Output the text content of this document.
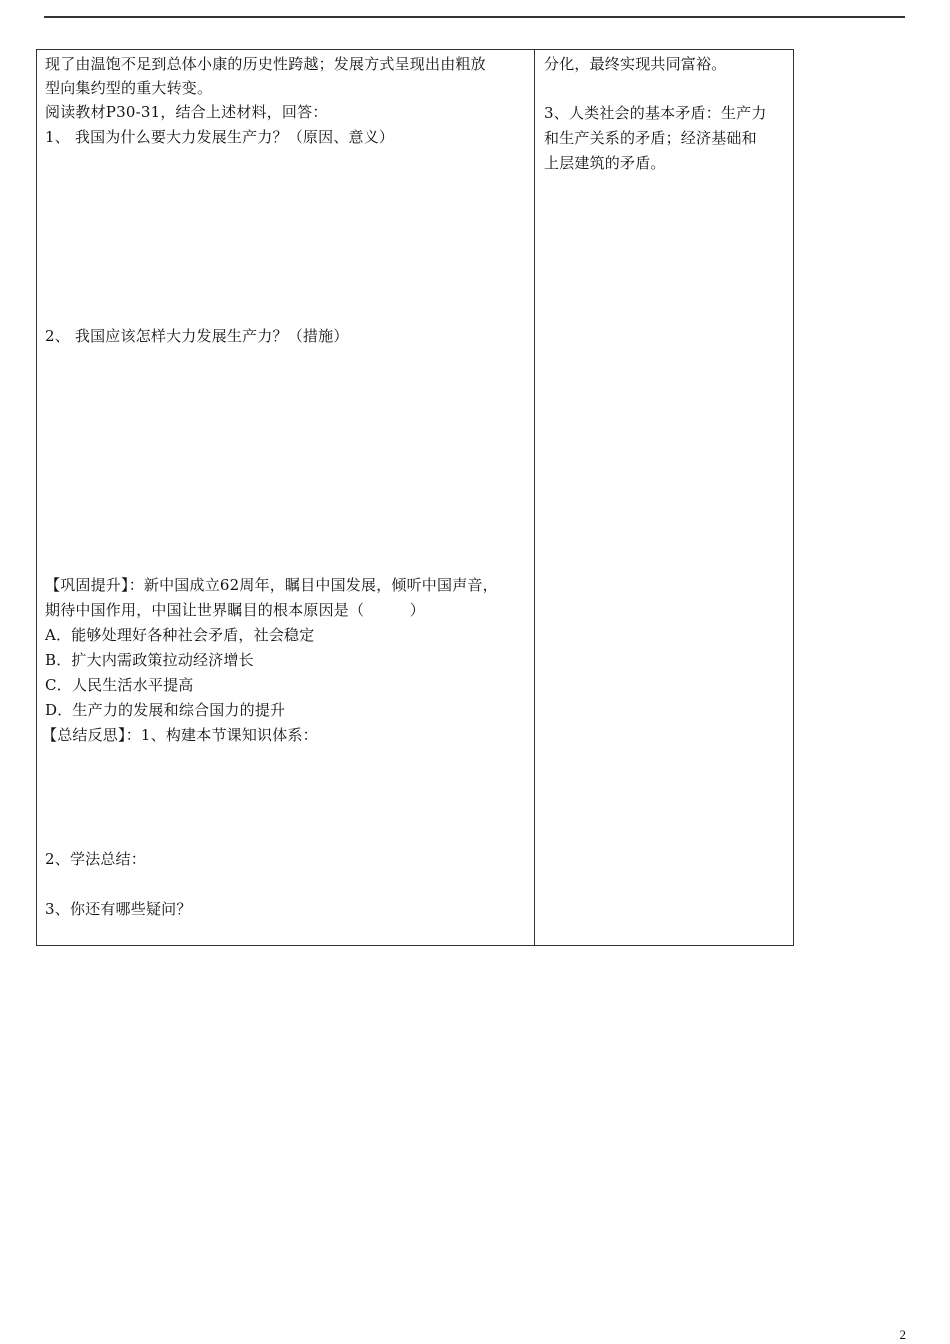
现了由温饱不足到总体小康的历史性跨越；发展方式呈现出由粗放
型向集约型的重大转变。
阅读教材P30-31，结合上述材料，回答：
1、 我国为什么要大力发展生产力？（原因、意义）
2、 我国应该怎样大力发展生产力？（措施）
【巩固提升】：新中国成立62周年，瞩目中国发展，倾听中国声音，
期待中国作用，中国让世界瞩目的根本原因是（　　　）
A．能够处理好各种社会矛盾，社会稳定
B．扩大内需政策拉动经济增长
C．人民生活水平提高
D．生产力的发展和综合国力的提升
【总结反思】：1、构建本节课知识体系：
2、学法总结：
3、你还有哪些疑问？
分化，最终实现共同富裕。
3、人类社会的基本矛盾：生产力
和生产关系的矛盾；经济基础和
上层建筑的矛盾。
2
